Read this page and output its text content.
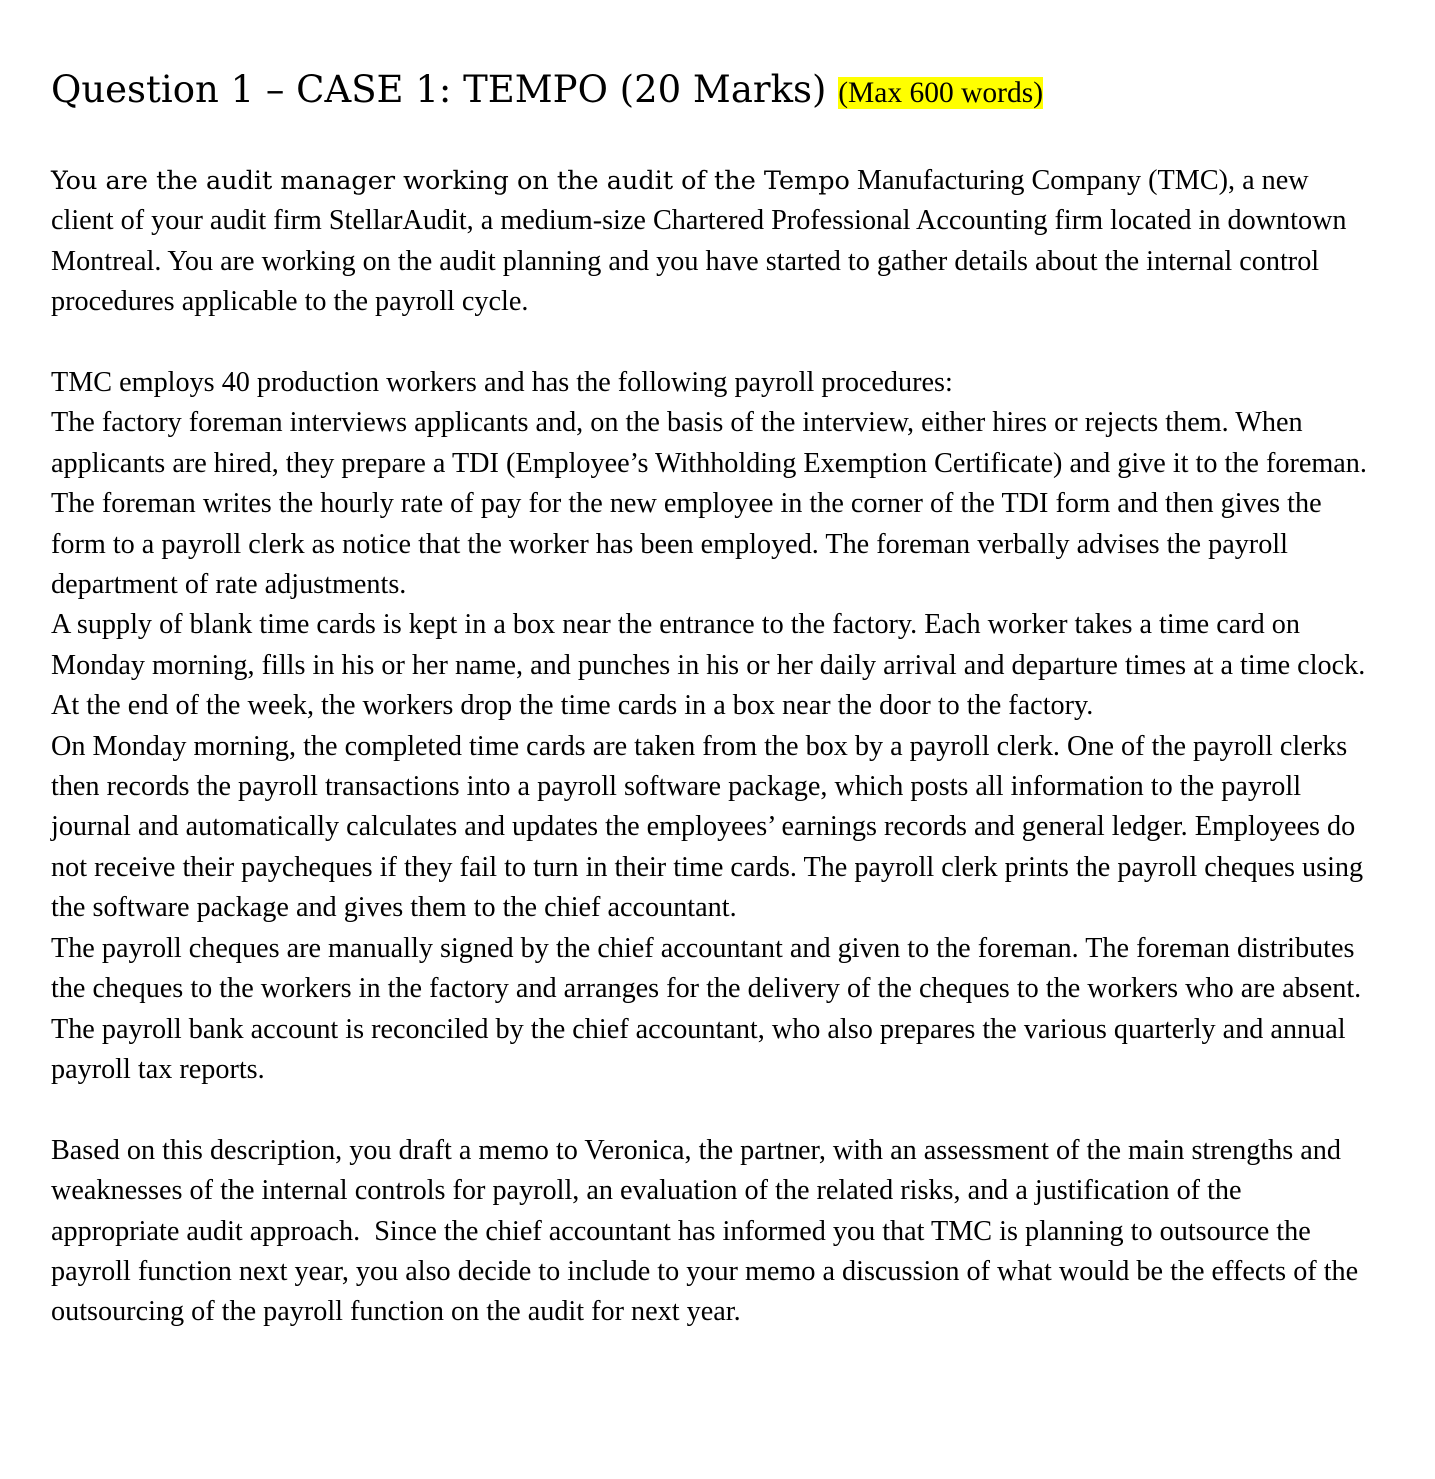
Question 1 – CASE 1: TEMPO (20 Marks) (Max 600 words)

You are the audit manager working on the audit of the Tempo Manufacturing Company (TMC), a new client of your audit firm StellarAudit, a medium-size Chartered Professional Accounting firm located in downtown Montreal. You are working on the audit planning and you have started to gather details about the internal control procedures applicable to the payroll cycle.

TMC employs 40 production workers and has the following payroll procedures:

The factory foreman interviews applicants and, on the basis of the interview, either hires or rejects them. When applicants are hired, they prepare a TDI (Employee’s Withholding Exemption Certificate) and give it to the foreman. The foreman writes the hourly rate of pay for the new employee in the corner of the TDI form and then gives the form to a payroll clerk as notice that the worker has been employed. The foreman verbally advises the payroll department of rate adjustments.

A supply of blank time cards is kept in a box near the entrance to the factory. Each worker takes a time card on Monday morning, fills in his or her name, and punches in his or her daily arrival and departure times at a time clock. At the end of the week, the workers drop the time cards in a box near the door to the factory.

On Monday morning, the completed time cards are taken from the box by a payroll clerk. One of the payroll clerks then records the payroll transactions into a payroll software package, which posts all information to the payroll journal and automatically calculates and updates the employees’ earnings records and general ledger. Employees do not receive their paycheques if they fail to turn in their time cards. The payroll clerk prints the payroll cheques using the software package and gives them to the chief accountant.

The payroll cheques are manually signed by the chief accountant and given to the foreman. The foreman distributes the cheques to the workers in the factory and arranges for the delivery of the cheques to the workers who are absent. The payroll bank account is reconciled by the chief accountant, who also prepares the various quarterly and annual payroll tax reports.

Based on this description, you draft a memo to Veronica, the partner, with an assessment of the main strengths and weaknesses of the internal controls for payroll, an evaluation of the related risks, and a justification of the appropriate audit approach.  Since the chief accountant has informed you that TMC is planning to outsource the payroll function next year, you also decide to include to your memo a discussion of what would be the effects of the outsourcing of the payroll function on the audit for next year.
